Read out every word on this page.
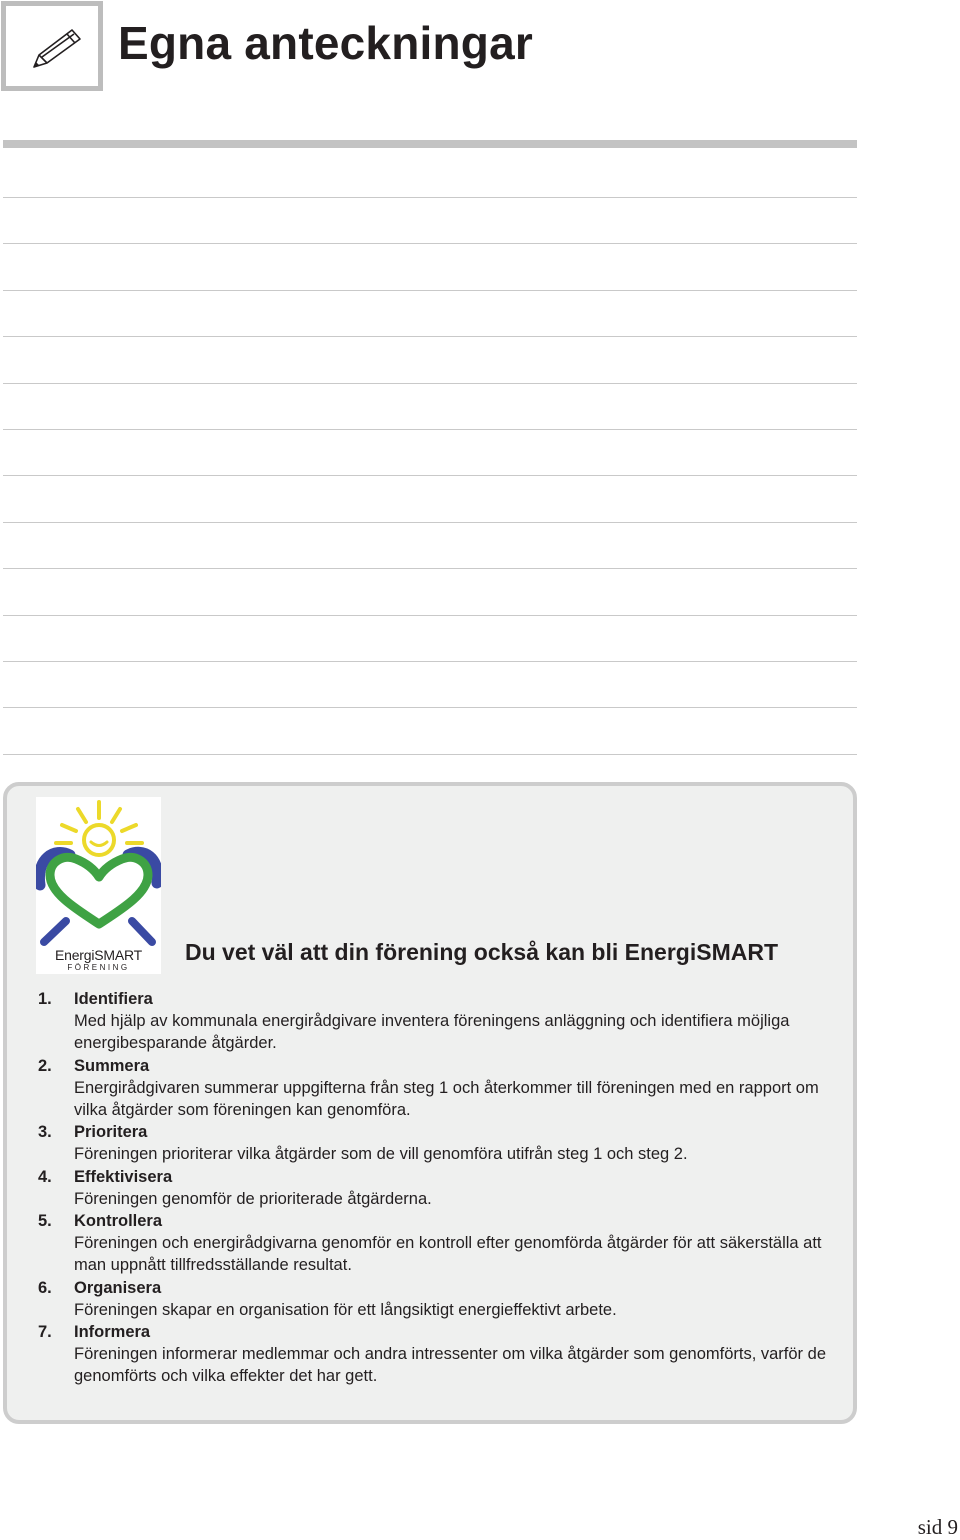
Egna anteckningar
EnergiSMART
FÖRENING
Du vet väl att din förening också kan bli EnergiSMART
1. Identifiera
Med hjälp av kommunala energirådgivare inventera föreningens anläggning och identifiera möjliga energibesparande åtgärder.
2. Summera
Energirådgivaren summerar uppgifterna från steg 1 och återkommer till föreningen med en rapport om vilka åtgärder som föreningen kan genomföra.
3. Prioritera
Föreningen prioriterar vilka åtgärder som de vill genomföra utifrån steg 1 och steg 2.
4. Effektivisera
Föreningen genomför de prioriterade åtgärderna.
5. Kontrollera
Föreningen och energirådgivarna genomför en kontroll efter genomförda åtgärder för att säkerställa att man uppnått tillfredsställande resultat.
6. Organisera
Föreningen skapar en organisation för ett långsiktigt energieffektivt arbete.
7. Informera
Föreningen informerar medlemmar och andra intressenter om vilka åtgärder som genomförts, varför de genomförts och vilka effekter det har gett.
sid 9
